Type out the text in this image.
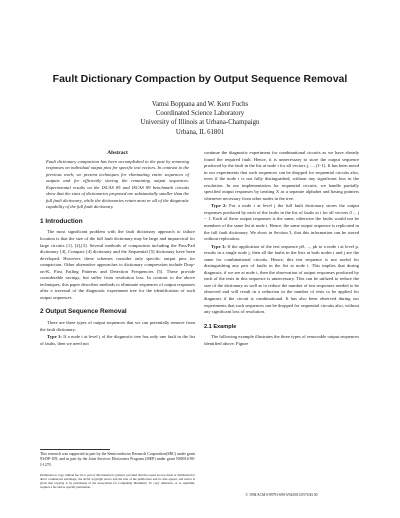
Fault Dictionary Compaction by Output Sequence Removal
Vamsi Boppana and W. Kent Fuchs
Coordinated Science Laboratory
University of Illinois at Urbana-Champaign
Urbana, IL 61801
Abstract

Fault dictionary compaction has been accomplished in the past by removing responses on individual output pins for specific test vectors. In contrast to the previous work, we present techniques for eliminating entire sequences of outputs and for efficiently storing the remaining output sequences. Experimental results on the ISCAS 85 and ISCAS 89 benchmark circuits show that the sizes of dictionaries proposed are substantially smaller than the full fault dictionary, while the dictionaries retain most or all of the diagnostic capability of the full fault dictionary.

1 Introduction

The most significant problem with the fault dictionary approach to failure location is that the size of the full fault dictionary may be large and impractical for large circuits [1], [2],[3]. Several methods of compaction including the Pass/Fail dictionary [4], Compact [4] dictionary and the Sequential [5] dictionary have been developed. However, these schemes consider only specific output pins for compaction. Other alternative approaches to dictionary compression include Drop-on-K, First Failing Patterns and Detection Frequencies [5]. These provide considerable savings, but suffer from resolution loss. In contrast to the above techniques, this paper describes methods to eliminate sequences of output responses after a traversal of the diagnostic experiment tree for the identification of such output sequences.

2 Output Sequence Removal

There are three types of output sequences that we can potentially remove from the fault dictionary.

Type 1: If a node i at level j of the diagnostic tree has only one fault in the list of faults, then we need not

This research was supported in part by the Semiconductor Research Corporation(SRC) under grant 93-DP-109, and in part by the Joint Services Electronics Program (JSEP) under grant N00014-90-J-1270.
Permission to copy without fee all or part of this material is granted, provided that the copies are not made or distributed for direct commercial advantage, the ACM copyright notice and the title of the publication and its date appear, and notice is given that copying is by permission of the Association for Computing Machinery. To copy otherwise, or to republish, requires a fee and/or specific permission.

continue the diagnostic experiment for combinational circuits as we have already found the required fault. Hence, it is unnecessary to store the output sequence produced by the fault in the list at node i for all vectors j, ..., (l−1). It has been noted in our experiments that such sequences can be dropped for sequential circuits also, even if the node i is not fully distinguished, without any significant loss in the resolution. In our implementation for sequential circuits, we handle partially specified output responses by treating X as a separate alphabet and basing pointers whenever necessary from other nodes in the tree.

Type 2: For a node i at level j the full fault dictionary stores the output responses produced by each of the faults in the list of faults at i for all vectors 0 ... j − 1. Each of these output responses is the same, otherwise the faults would not be members of the same list at node i. Hence, the same output sequence is replicated in the full fault dictionary. We show in Section 3, that this information can be stored without replication.

Type 3: If the application of the test sequence p0, ..., pk to a node i at level p, results in a single node j, then all the faults in the lists at both nodes i and j are the same for combinational circuits. Hence, this test sequence is not useful for distinguishing any pair of faults in the list at node i. This implies that during diagnosis, if we are at node i, then the observation of output responses produced by each of the tests in this sequence is unnecessary. This can be utilized to reduce the size of the dictionary as well as to reduce the number of test responses needed to be observed and will result in a reduction in the number of tests to be applied for diagnosis if the circuit is combinational. It has also been observed during our experiments that such sequences can be dropped for sequential circuits also, without any significant loss of resolution.

2.1 Example

The following example illustrates the three types of removable output sequences identified above. Figure

© 1994 ACM 0-89791-690-5/94/0011/0576 $3.50
